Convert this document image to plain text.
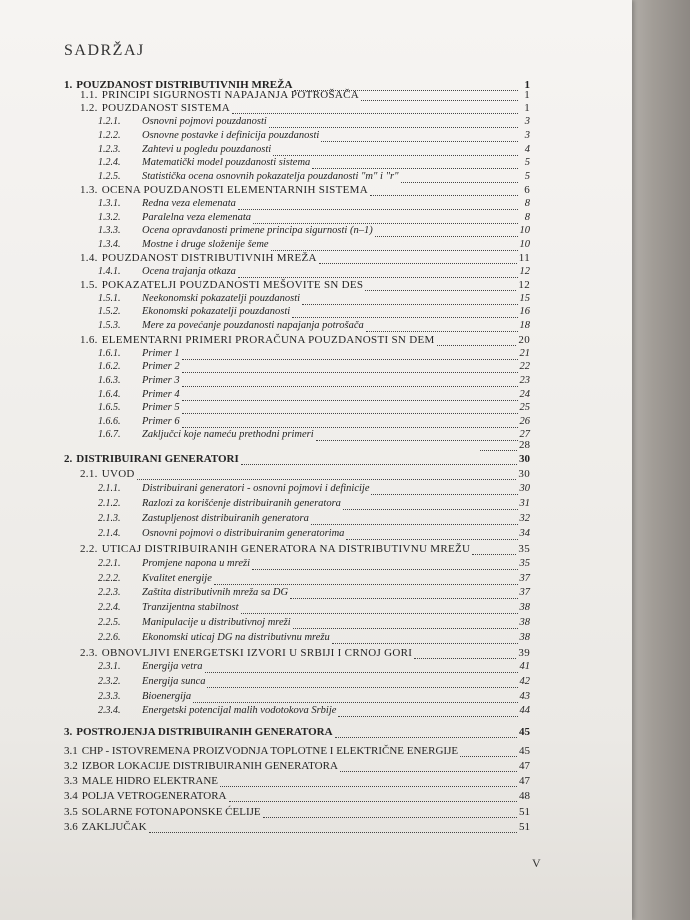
SADRŽAJ
1. POUZDANOST DISTRIBUTIVNIH MREŽA	1
1.1. PRINCIPI SIGURNOSTI NAPAJANJA POTROŠAČA	1
1.2. POUZDANOST SISTEMA	1
1.2.1.	Osnovni pojmovi pouzdanosti	3
1.2.2.	Osnovne postavke i definicija pouzdanosti	3
1.2.3.	Zahtevi u pogledu pouzdanosti	4
1.2.4.	Matematički model pouzdanosti sistema	5
1.2.5.	Statistička ocena osnovnih pokazatelja pouzdanosti "m" i "r"	5
1.3. OCENA POUZDANOSTI ELEMENTARNIH SISTEMA	6
1.3.1.	Redna veza elemenata	8
1.3.2.	Paralelna veza elemenata	8
1.3.3.	Ocena opravdanosti primene principa sigurnosti (n–1)	10
1.3.4.	Mostne i druge složenije šeme	10
1.4. POUZDANOST DISTRIBUTIVNIH MREŽA	11
1.4.1.	Ocena trajanja otkaza	12
1.5. POKAZATELJI POUZDANOSTI MEŠOVITE SN DES	12
1.5.1.	Neekonomski pokazatelji pouzdanosti	15
1.5.2.	Ekonomski pokazatelji pouzdanosti	16
1.5.3.	Mere za povećanje pouzdanosti napajanja potrošača	18
1.6. ELEMENTARNI PRIMERI PRORAČUNA POUZDANOSTI SN DEM	20
1.6.1.	Primer 1	21
1.6.2.	Primer 2	22
1.6.3.	Primer 3	23
1.6.4.	Primer 4	24
1.6.5.	Primer 5	25
1.6.6.	Primer 6	26
1.6.7.	Zaključci koje nameću prethodni primeri	27
28
2. DISTRIBUIRANI GENERATORI	30
2.1. UVOD	30
2.1.1.	Distribuirani generatori - osnovni pojmovi i definicije	30
2.1.2.	Razlozi za korišćenje distribuiranih generatora	31
2.1.3.	Zastupljenost distribuiranih generatora	32
2.1.4.	Osnovni pojmovi o distribuiranim generatorima	34
2.2. UTICAJ DISTRIBUIRANIH GENERATORA NA DISTRIBUTIVNU MREŽU	35
2.2.1.	Promjene napona u mreži	35
2.2.2.	Kvalitet energije	37
2.2.3.	Zaštita distributivnih mreža sa DG	37
2.2.4.	Tranzijentna stabilnost	38
2.2.5.	Manipulacije u distributivnoj mreži	38
2.2.6.	Ekonomski uticaj DG na distributivnu mrežu	38
2.3. OBNOVLJIVI ENERGETSKI IZVORI U SRBIJI I CRNOJ GORI	39
2.3.1.	Energija vetra	41
2.3.2.	Energija sunca	42
2.3.3.	Bioenergija	43
2.3.4.	Energetski potencijal malih vodotokova Srbije	44
3. POSTROJENJA DISTRIBUIRANIH GENERATORA	45
3.1 CHP - ISTOVREMENA PROIZVODNJA TOPLOTNE I ELEKTRIČNE ENERGIJE	45
3.2 IZBOR LOKACIJE DISTRIBUIRANIH GENERATORA	47
3.3 MALE HIDRO ELEKTRANE	47
3.4 POLJA VETROGENERATORA	48
3.5 SOLARNE FOTONAPONSKE ĆELIJE	51
3.6 ZAKLJUČAK	51
V
